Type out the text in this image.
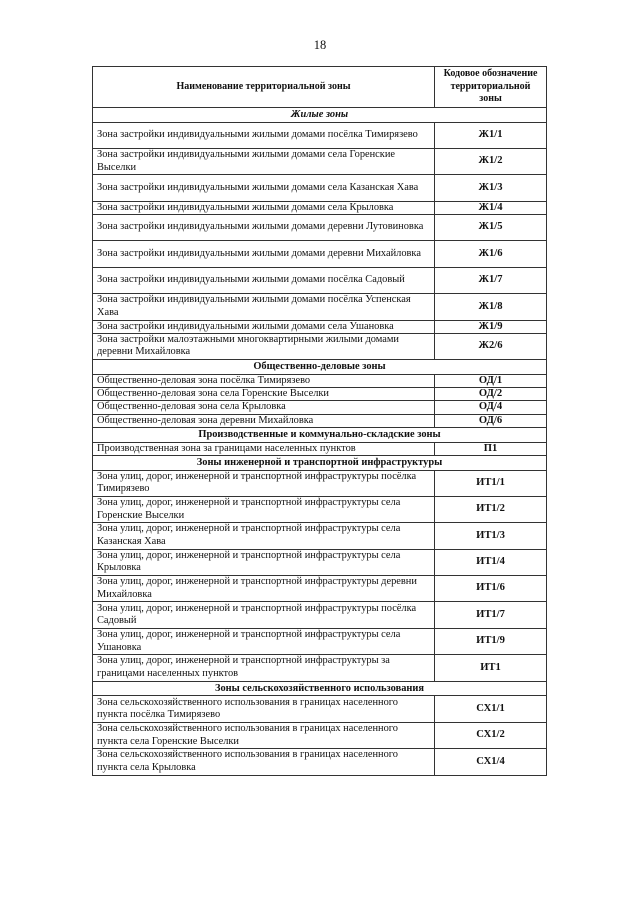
18
Наименование территориальной зоны	Кодовое обозначение территориальной зоны
Жилые зоны	
Зона застройки индивидуальными жилыми домами посёлка Тимирязево	Ж1/1
Зона застройки индивидуальными жилыми домами села Горенские Выселки	Ж1/2
Зона застройки индивидуальными жилыми домами села Казанская Хава	Ж1/3
Зона застройки индивидуальными жилыми домами села Крыловка	Ж1/4
Зона застройки индивидуальными жилыми домами деревни Лутовиновка	Ж1/5
Зона застройки индивидуальными жилыми домами деревни Михайловка	Ж1/6
Зона застройки индивидуальными жилыми домами посёлка Садовый	Ж1/7
Зона застройки индивидуальными жилыми домами посёлка Успенская Хава	Ж1/8
Зона застройки индивидуальными жилыми домами села Ушановка	Ж1/9
Зона застройки малоэтажными многоквартирными жилыми домами деревни Михайловка	Ж2/6
Общественно-деловые зоны	
Общественно-деловая зона посёлка Тимирязево	ОД/1
Общественно-деловая зона села Горенские Выселки	ОД/2
Общественно-деловая зона села Крыловка	ОД/4
Общественно-деловая зона деревни Михайловка	ОД/6
Производственные и коммунально-складские зоны	
Производственная зона за границами населенных пунктов	П1
Зоны инженерной и транспортной инфраструктуры	
Зона улиц, дорог, инженерной и транспортной инфраструктуры посёлка Тимирязево	ИТ1/1
Зона улиц, дорог, инженерной и транспортной инфраструктуры села Горенские Выселки	ИТ1/2
Зона улиц, дорог, инженерной и транспортной инфраструктуры села Казанская Хава	ИТ1/3
Зона улиц, дорог, инженерной и транспортной инфраструктуры села Крыловка	ИТ1/4
Зона улиц, дорог, инженерной и транспортной инфраструктуры деревни Михайловка	ИТ1/6
Зона улиц, дорог, инженерной и транспортной инфраструктуры посёлка Садовый	ИТ1/7
Зона улиц, дорог, инженерной и транспортной инфраструктуры села Ушановка	ИТ1/9
Зона улиц, дорог, инженерной и транспортной инфраструктуры за границами населенных пунктов	ИТ1
Зоны сельскохозяйственного использования	
Зона сельскохозяйственного использования в границах населенного пункта посёлка Тимирязево	СХ1/1
Зона сельскохозяйственного использования в границах населенного пункта села Горенские Выселки	СХ1/2
Зона сельскохозяйственного использования в границах населенного пункта села Крыловка	СХ1/4
